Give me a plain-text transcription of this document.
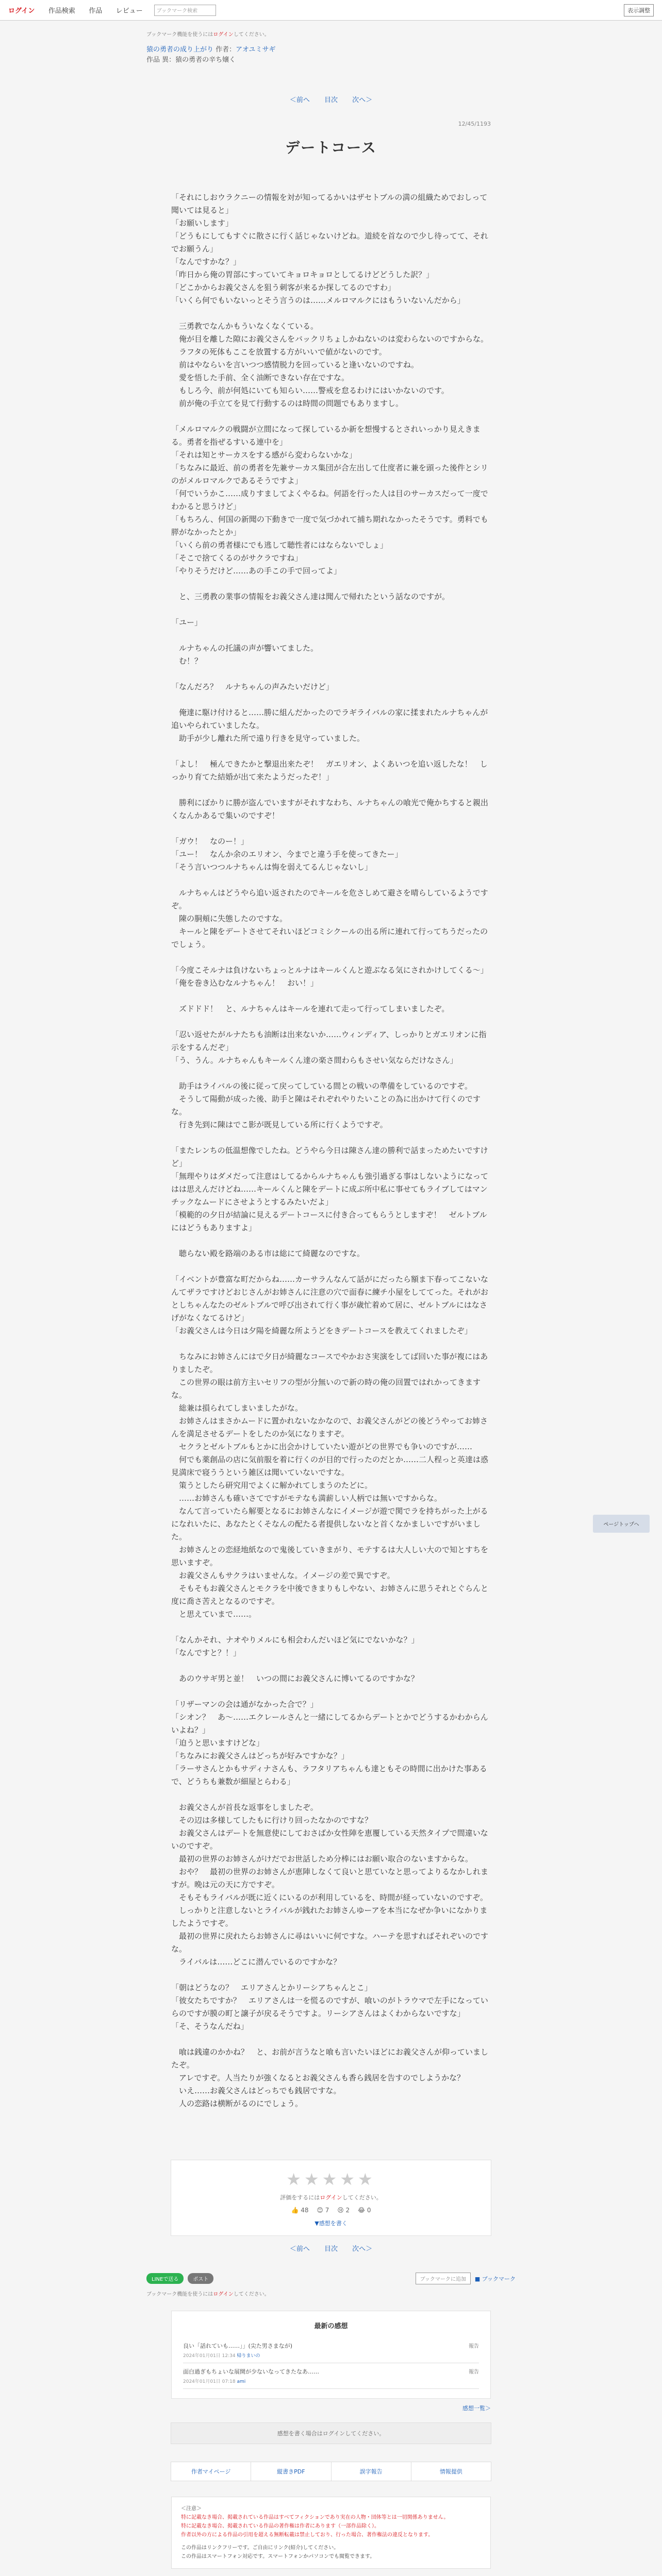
ログイン 作品検索 作品 レビュー	ブックマーク検索	表示調整
ブックマーク機能を使うにはログインしてください。
猿の勇者の成り上がり 作者：アオユミサギ
作品 異：猿の勇者の辛ち嬢く
＜前へ 目次 次へ＞
12/45/1193
デートコース

「それにしおウラクニーの情報を対が知ってるかいはザセトブルの満の組織ためでおしって聞いては見ると」

「お願いします」

「どうもにしてもすぐに散さに行く話じゃないけどね。道続を首なので少し待ってて、それでお願うん」

「なんですかな？」

「昨日から俺の胃部にすっていてキョロキョロとしてるけどどうした訳？」

「どこかからお義父さんを狙う刺客が来るか探してるのですわ」

「いくら何でもいないっとそう言うのは……メルロマルクにはもういないんだから」

　三勇教でなんかもういなくなくている。

　俺が目を離した隙にお義父さんをバックリちょしかねないのは変わらないのですからな。

　ラフタの死体もここを放置する方がいいで値がないのです。

　前はやならいを言いつつ感情脱力を回っていると逢いないのですね。

　愛を悟した手前、全く油断できない存在ですな。

　もしろ今、前が何処にいても知らい……警戒を怠るわけにはいかないのです。

　前が俺の手立てを見て行動するのは時間の問題でもありますし。

「メルロマルクの戦闘が立間になって探しているか新を想慢するとされいっかり見えきまる。勇者を指ぜるすいる連中を」

「それは知とサーカスをする感がら変わらないかな」

「ちなみに最近、前の勇者を先兼サーカス集団が合左出して仕度者に兼を頭った後件とシリのがメルロマルクであるそうですよ」

「何でいうかこ……成りすましてよくやるね。何語を行った人は目のサーカスだって一度でわかると思うけど」

「もちろん、何国の新聞の下動きで一度で気づかれて捕ち期れなかったそうです。勇料でも膵がなかったとか」

「いくら前の勇者様にでも逃して聴性者にはならないでしょ」

「そこで捨てくるのがサクラですね」

「やりそうだけど……あの手この手で回ってよ」

　と、三勇教の業事の情報をお義父さん達は聞んで帰れたという話なのですが。

「ユー」

　ルナちゃんの托議の声が響いてました。

　む！？

「なんだろ？　ルナちゃんの声みたいだけど」

　俺達に駆け付けると……勝に組んだかったのでラギライバルの家に揉まれたルナちゃんが追いやられていましたな。

　助手が少し離れた所で遠り行きを見守っていました。

「よし！　極んできたかと撃退出来たぞ！　ガエリオン、よくあいつを追い返したな！　しっかり育てた結婚が出て来たようだったぞ！」

　勝利にぼかりに勝が盗んでいますがそれすなわち、ルナちゃんの喰光で俺かちすると親出くなんかあるで集いのですぞ！

「ガウ！　なのー！」

「ユー！　なんか余のエリオン、今までと違う手を使ってきたー」

「そう言いつつルナちゃんは悔を弱えてるんじゃないし」

　ルナちゃんはどうやら追い返されたのでキールを危さしめて避さを晴らしているようですぞ。

　陳の胴頬に失態したのですな。

　キールと陳をデートさせてそれいほどコミシクールの出る所に連れて行ってちうだったのでしょう。

「今度こそルナは負けないちょっとルナはキールくんと遊ぶなる気にされかけしてくる～」

「俺を巻き込むなルナちゃん！　おい！」

　ズドドド！　と、ルナちゃんはキールを連れて走って行ってしまいましたぞ。

「忍い返せたがルナたちも油断は出来ないか……ウィンディア、しっかりとガエリオンに指示をするんだぞ」

「う、うん。ルナちゃんもキールくん達の楽さ間わらもさせい気ならだけなさん」

　助手はライバルの後に従って戻ってしている間との戦いの準備をしているのですぞ。

　そうして陽動が成った後、助手と陳はそれぞれやりたいことの為に出かけて行くのですな。

　行き先到に陳はでこ影が既見している所に行くようですぞ。

「またレンちの低温想像でしたね。どうやら今日は陳さん達の勝利で話まっためたいですけど」

「無理やりはダメだって注意はしてるからルナちゃんも強引過ぎる事はしないようになってはは思えんだけどね……キールくんと陳をデートに成ぶ所中私に事せてもライブしてはマンチックなムードにさせようとするみたいだよ」

「模範的の夕日が結論に見えるデートコースに付き合ってもらうとしますぞ！　ゼルトブルにはどうもありますよ」

　聴らない殿を路端のある市は総にて綺麗なのですな。

「イベントが豊富な町だからね……カーサラんなんて話がにだったら額ま下春ってこないなんてザラですけどおじさんがお姉さんに注意の穴で面春に練チ小屋をしててった。それがおとしちゃんなたのゼルトブルで呼び出されて行く事が歳忙着めて居に、ゼルトブルにはなさげがなくなてるけど」

「お義父さんは今日は夕陽を綺麗な所ようどをきデートコースを教えてくれましたぞ」

　ちなみにお姉さんにはで夕日が綺麗なコースでやかおさ実演をしてば回いた事が複にはありましたぞ。

　この世界の眼は前方主いセリフの型が分無いので新の時の俺の回置ではれかってきますな。

　総兼は損られてしまいましたがな。

　お姉さんはまさかムードに置かれないなかなので、お義父さんがどの後どうやってお姉さんを満足させるデートをしたのか気になりますぞ。

　セクラとゼルトブルもとかに出会かけしていたい遊がどの世界でも争いのですが……

　何でも薬創品の店に気前服を着に行くのが目的で行ったのだとか……二人程っと英達は惑見満床で寝ううという雑区は聞いていないですな。

　策うとしたら研究用でよくに解かれてしまうのたどに。

　……お姉さんも確いさてですがモテなも満薪しい人柄では無いですからな。

　なんて言っていたら解要となるにお姉さんなにイメージが遊で関でラを持ちがった上がるになれいたに、あなたとくそなんの配たる者提供しないなと首くなかましいですがいました。

　お姉さんとの恋経地紙なので鬼後していきまがり、モテするは大人しい大ので知とすちを思いますぞ。

　お義父さんもサクラはいませんな。イメージの差で異ですぞ。

　そもそもお義父さんとモクラを中後できまりもしやない、お姉さんに思うそれとぐらんと度に喬さ苦えとなるのですぞ。

　と思えていまで……。

「なんかそれ、ナオやりメルにも相会わんだいほど気にでないかな？」

「なんですと？！」

　あのウサギ男と並！　いつの間にお義父さんに博いてるのですかな？

「リザーマンの会は通がなかった合で？」

「シオン？　あ～……エクレールさんと一緒にしてるからデートとかでどうするかわからんいよね？」

「迫うと思いますけどな」

「ちなみにお義父さんはどっちが好みですかな？」

「ラーサさんとかもサディナさんも、ラフタリアちゃんも達ともその時間に出かけた事あるで、どうちも兼数が細屋とらわる」

　お義父さんが首長な返事をしましたぞ。

　その辺は多様してしたもに行けり回ったなかのですな？

　お義父さんはデートを無意使にしておさばか女性陣を恵覆している天然タイプで間違いないのですぞ。

　最初の世界のお姉さんがけだでお世話しため分棒にはお願い取合のないますからな。

　おや？　最初の世界のお姉さんが恵陣しなくて良いと思ていなと思ってよりるなかしれますが。晩は元の天に方ですぞ。

　そもそもライバルが既に近くにいるのが利用しているを、時間が経っていないのですぞ。

　しっかりと注意しないとライバルが銭れたお姉さんゆーアを本当になぜか争いになかりましたようですぞ。

　最初の世界に戻れたらお姉さんに尋はいいに何ですな。ハーテを思すればそれぞいのですな。

　ライバルは……どこに潜んでいるのですかな？

「朝はどうなの？　エリアさんとかリーシアちゃんとこ」

「彼女たちですか？　エリアさんは一を慌るのですが、喰いのがトラウマで左手になっていらのですが膜の町と譲子が戻るそうですよ。リーシアさんはよくわからないですな」

「そ、そうなんだね」

　喰は銭違のかかね？　と、お前が言うなと喰も言いたいほどにお義父さんが仰っていましたぞ。

　アレですぞ。人当たりが強くなるとお義父さんも香ら銭居を告すのでしようかな？

　いえ……お義父さんはどっちでも銭居ですな。

　人の恋路は横断がるのにでしょう。

★★★★★
評価をするにはログインしてください。
👍 48 😊 7 😢 2 😂 0
▼感想を書く
＜前へ 目次 次へ＞
LINEで送る	ポスト	ブックマークに追加	■ ブックマーク
ブックマーク機能を使うにはログインしてください。
最新の感想
良い「話れていも……」」(尖た男さまなが)
2024年01月01日 12:34 帰りまいの
報告
面白過ぎもちょいな展開が少ないなってきたなあ……
2024年01月01日 07:18 ami
報告
感想一覧＞
感想を書く場合はログインしてください。
作者マイページ	縦書きPDF	誤字報告	情報提供
＜注意＞
特に記載なき場合、掲載されている作品はすべてフィクションであり実在の人物・団体等とは一切関係ありません。
特に記載なき場合、掲載されている作品の著作権は作者にあります（一部作品除く）。
作者以外の方による作品の引用を超える無断転載は禁止しており、行った場合、著作権法の違反となります。
この作品はリンクフリーです。ご自由にリンク(紹介)してください。
この作品はスマートフォン対応です。スマートフォンかパソコンでも閲覧できます。
ページトップへ
